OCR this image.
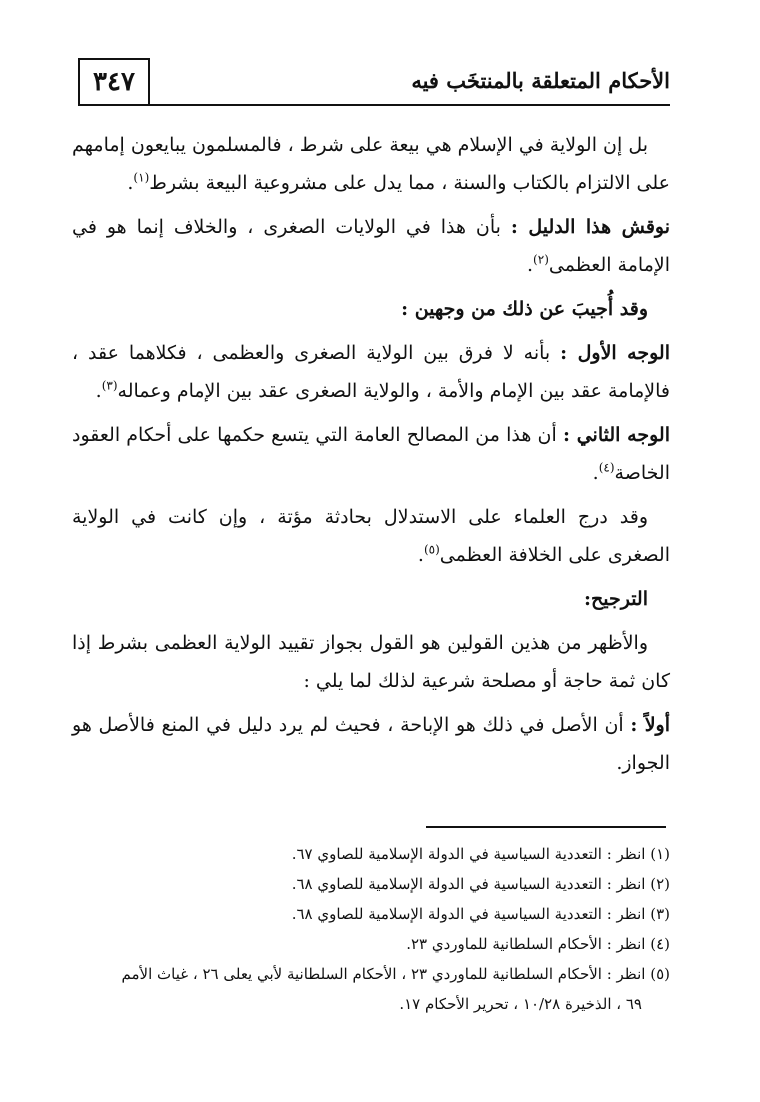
٣٤٧	الأحكام المتعلقة بالمنتخَب فيه

بل إن الولاية في الإسلام هي بيعة على شرط ، فالمسلمون يبايعون إمامهم على الالتزام بالكتاب والسنة ، مما يدل على مشروعية البيعة بشرط$^{(١)}$.

نوقش هذا الدليل : بأن هذا في الولايات الصغرى ، والخلاف إنما هو في الإمامة العظمى$^{(٢)}$.

وقد أُجيبَ عن ذلك من وجهين :

الوجه الأول : بأنه لا فرق بين الولاية الصغرى والعظمى ، فكلاهما عقد ، فالإمامة عقد بين الإمام والأمة ، والولاية الصغرى عقد بين الإمام وعماله$^{(٣)}$.

الوجه الثاني : أن هذا من المصالح العامة التي يتسع حكمها على أحكام العقود الخاصة$^{(٤)}$.

وقد درج العلماء على الاستدلال بحادثة مؤتة ، وإن كانت في الولاية الصغرى على الخلافة العظمى$^{(٥)}$.

الترجيح:

والأظهر من هذين القولين هو القول بجواز تقييد الولاية العظمى بشرط إذا كان ثمة حاجة أو مصلحة شرعية لذلك لما يلي :

أولاً : أن الأصل في ذلك هو الإباحة ، فحيث لم يرد دليل في المنع فالأصل هو الجواز.

(١) انظر : التعددية السياسية في الدولة الإسلامية للصاوي ٦٧.
(٢) انظر : التعددية السياسية في الدولة الإسلامية للصاوي ٦٨.
(٣) انظر : التعددية السياسية في الدولة الإسلامية للصاوي ٦٨.
(٤) انظر : الأحكام السلطانية للماوردي ٢٣.
(٥) انظر : الأحكام السلطانية للماوردي ٢٣ ، الأحكام السلطانية لأبي يعلى ٢٦ ، غياث الأمم
٦٩ ، الذخيرة ١٠/٢٨ ، تحرير الأحكام ١٧.
